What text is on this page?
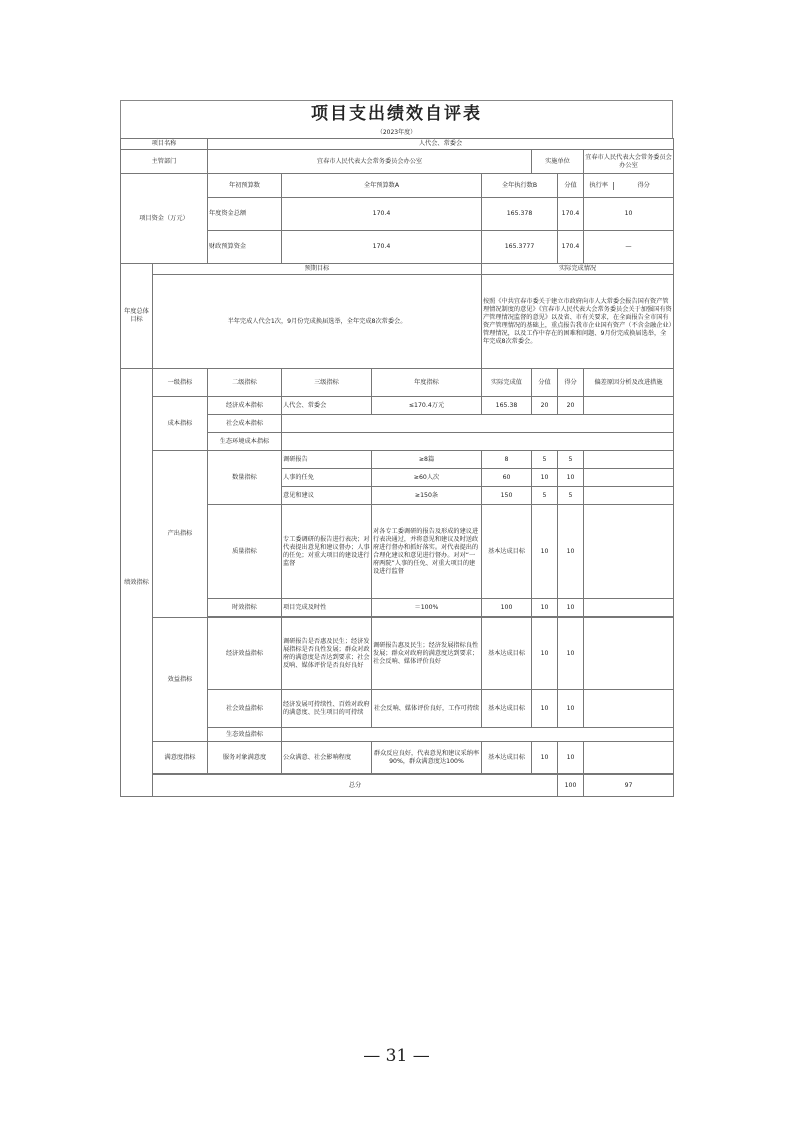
项目支出绩效自评表
（2023年度）
项目名称		人代会、常委会							
主管部门		宜春市人民代表大会常务委员会办公室				实施单位		宜春市人民代表大会常务委员会办公室	
项目资金（万元）		年初预算数	全年预算数A		全年执行数B		分值	执行率 得分	

		年度资金总额	170.4		165.378		170.4	10	

		财政预算资金	170.4		165.3777		170.4	—	

年度总体目标	预期目标				实际完成情况				
	半年完成人代会1次，9月份完成换届选举，全年完成8次常委会。				按照《中共宜春市委关于建立市政府向市人大常委会报告国有资产管理情况制度的意见》《宜春市人民代表大会常务委员会关于加强国有资产管理情况监督的意见》以及省、市有关要求，在全面报告全市国有资产管理情况的基础上，重点报告我市企业国有资产（不含金融企业）管理情况，以及工作中存在的困难和问题、9月份完成换届选举，全年完成8次常委会。				
绩效指标	一级指标	二级指标	三级指标	年度指标	实际完成值	分值	得分	偏差原因分析及改进措施	
	成本指标	经济成本指标	人代会、常委会	≤170.4万元	165.38	20	20		
		社会成本指标							
		生态环境成本指标							
	产出指标	数量指标	调研报告	≥8篇	8	5	5		
			人事的任免	≥60人次	60	10	10		
			意见和建议	≥150条	150	5	5		
		质量指标	专工委调研的报告进行表决；对代表提出意见和建议督办；人事的任免；对重大项目的建设进行监督	对各专工委调研的报告及形成的建议进行表决通过，并将意见和建议及时送政府进行督办和抓好落实。对代表提出的合理化建议和意见进行督办。对对“一府两院”人事的任免、对重大项目的建设进行监督	基本达成目标	10	10		
		时效指标	项目完成及时性	＝100%	100	10	10		

	效益指标	经济效益指标	调研报告是否惠及民生；经济发展指标是否良性发展；群众对政府的满意度是否达到要求；社会反响、媒体评价是否良好良好	调研报告惠及民生；经济发展指标良性发展；群众对政府的满意度达到要求；社会反响、媒体评价良好	基本达成目标	10	10		
		社会效益指标	经济发展可持续性、百姓对政府的满意度、民生项目的可持续	社会反响、媒体评价良好，工作可持续	基本达成目标	10	10		
		生态效益指标							
	满意度指标	服务对象满意度	公众满意、社会影响程度	群众反应良好，代表意见和建议采纳率90%，群众满意度达100%	基本达成目标	10	10		

	总分						100	97	
— 31 —
